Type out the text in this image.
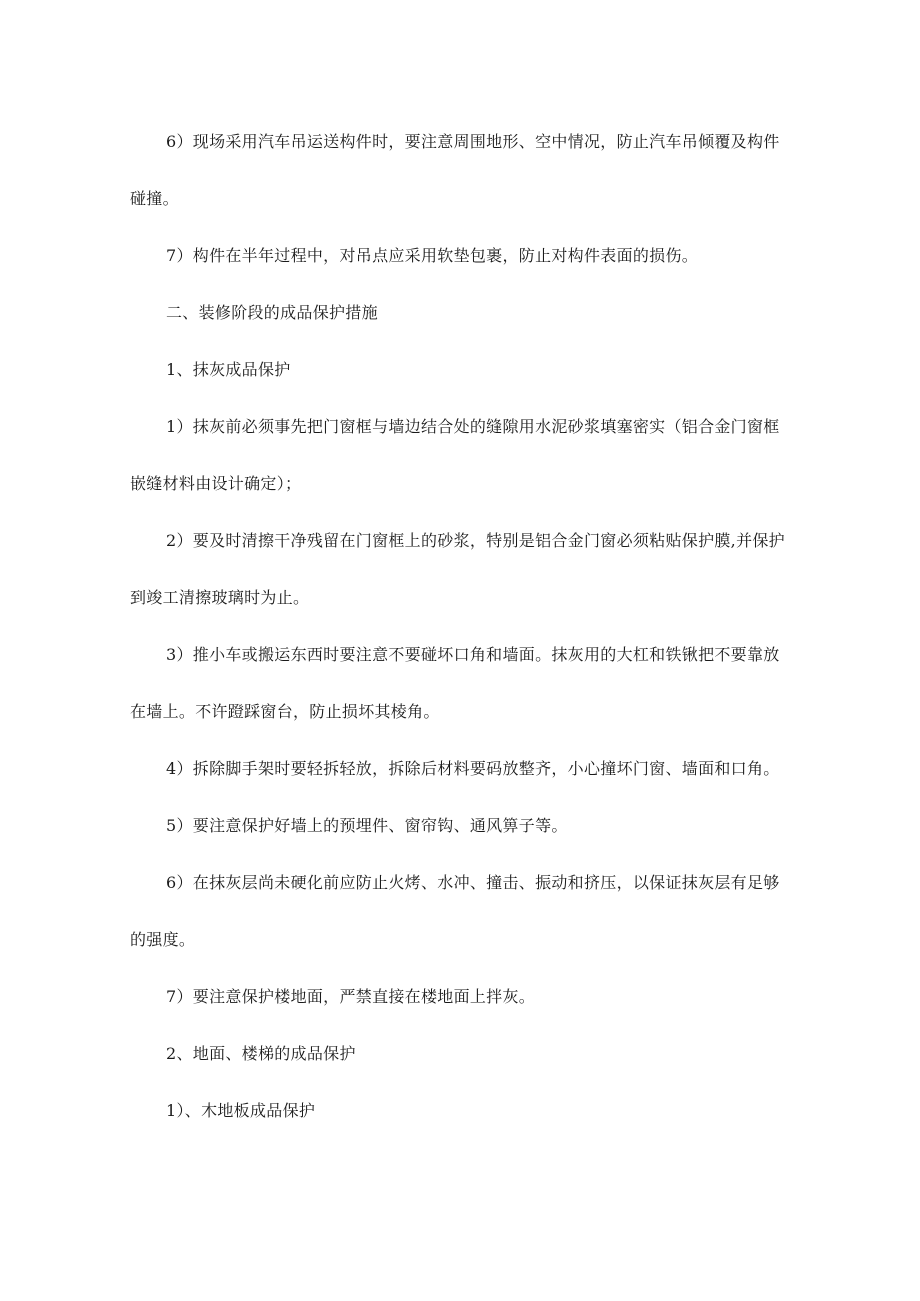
6）现场采用汽车吊运送构件时，要注意周围地形、空中情况，防止汽车吊倾覆及构件

碰撞。

7）构件在半年过程中，对吊点应采用软垫包裹，防止对构件表面的损伤。

二、装修阶段的成品保护措施

1、抹灰成品保护

1）抹灰前必须事先把门窗框与墙边结合处的缝隙用水泥砂浆填塞密实（铝合金门窗框

嵌缝材料由设计确定）；

2）要及时清擦干净残留在门窗框上的砂浆，特别是铝合金门窗必须粘贴保护膜,并保护

到竣工清擦玻璃时为止。

3）推小车或搬运东西时要注意不要碰坏口角和墙面。抹灰用的大杠和铁锹把不要靠放

在墙上。不许蹬踩窗台，防止损坏其棱角。

4）拆除脚手架时要轻拆轻放，拆除后材料要码放整齐，小心撞坏门窗、墙面和口角。

5）要注意保护好墙上的预埋件、窗帘钩、通风箅子等。

6）在抹灰层尚未硬化前应防止火烤、水冲、撞击、振动和挤压，以保证抹灰层有足够

的强度。

7）要注意保护楼地面，严禁直接在楼地面上拌灰。

2、地面、楼梯的成品保护

1）、木地板成品保护
